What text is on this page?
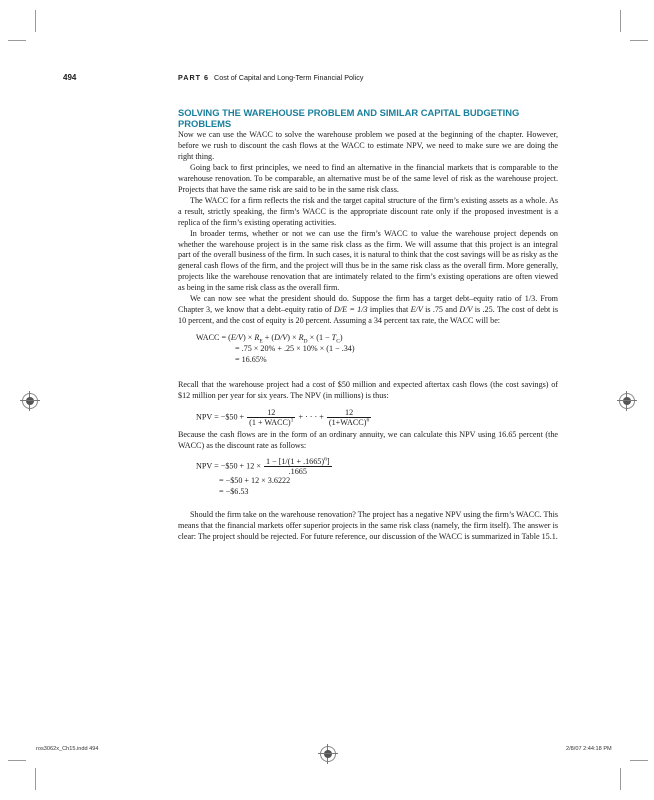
494	PART 6 Cost of Capital and Long-Term Financial Policy
SOLVING THE WAREHOUSE PROBLEM AND SIMILAR CAPITAL BUDGETING PROBLEMS

Now we can use the WACC to solve the warehouse problem we posed at the beginning of the chapter. However, before we rush to discount the cash flows at the WACC to estimate NPV, we need to make sure we are doing the right thing.

Going back to first principles, we need to find an alternative in the financial markets that is comparable to the warehouse renovation. To be comparable, an alternative must be of the same level of risk as the warehouse project. Projects that have the same risk are said to be in the same risk class.

The WACC for a firm reflects the risk and the target capital structure of the firm’s existing assets as a whole. As a result, strictly speaking, the firm’s WACC is the appropriate discount rate only if the proposed investment is a replica of the firm’s existing operating activities.

In broader terms, whether or not we can use the firm’s WACC to value the warehouse project depends on whether the warehouse project is in the same risk class as the firm. We will assume that this project is an integral part of the overall business of the firm. In such cases, it is natural to think that the cost savings will be as risky as the general cash flows of the firm, and the project will thus be in the same risk class as the overall firm. More generally, projects like the warehouse renovation that are intimately related to the firm’s existing operations are often viewed as being in the same risk class as the overall firm.

We can now see what the president should do. Suppose the firm has a target debt–equity ratio of 1/3. From Chapter 3, we know that a debt–equity ratio of D/E = 1/3 implies that E/V is .75 and D/V is .25. The cost of debt is 10 percent, and the cost of equity is 20 percent. Assuming a 34 percent tax rate, the WACC will be:

WACC = $(E/V) \times R_E + (D/V) \times R_D \times (1 - T_C)$
= .75 × 20% + .25 × 10% × (1 − .34)
= 16.65%

Recall that the warehouse project had a cost of $50 million and expected aftertax cash flows (the cost savings) of $12 million per year for six years. The NPV (in millions) is thus:

NPV = −$50 + $\frac{12}{(1 + WACC)^1}$ + · · · + $\frac{12}{(1+WACC)^6}$

Because the cash flows are in the form of an ordinary annuity, we can calculate this NPV using 16.65 percent (the WACC) as the discount rate as follows:

NPV = −$50 + $12 \times \frac{1 - [1/(1 + .1665)^6]}{.1665}$
= −$50 + 12 × 3.6222
= −$6.53

Should the firm take on the warehouse renovation? The project has a negative NPV using the firm’s WACC. This means that the financial markets offer superior projects in the same risk class (namely, the firm itself). The answer is clear: The project should be rejected. For future reference, our discussion of the WACC is summarized in Table 15.1.

ros3062x_Ch15.indd 494	2/8/07 2:44:18 PM
